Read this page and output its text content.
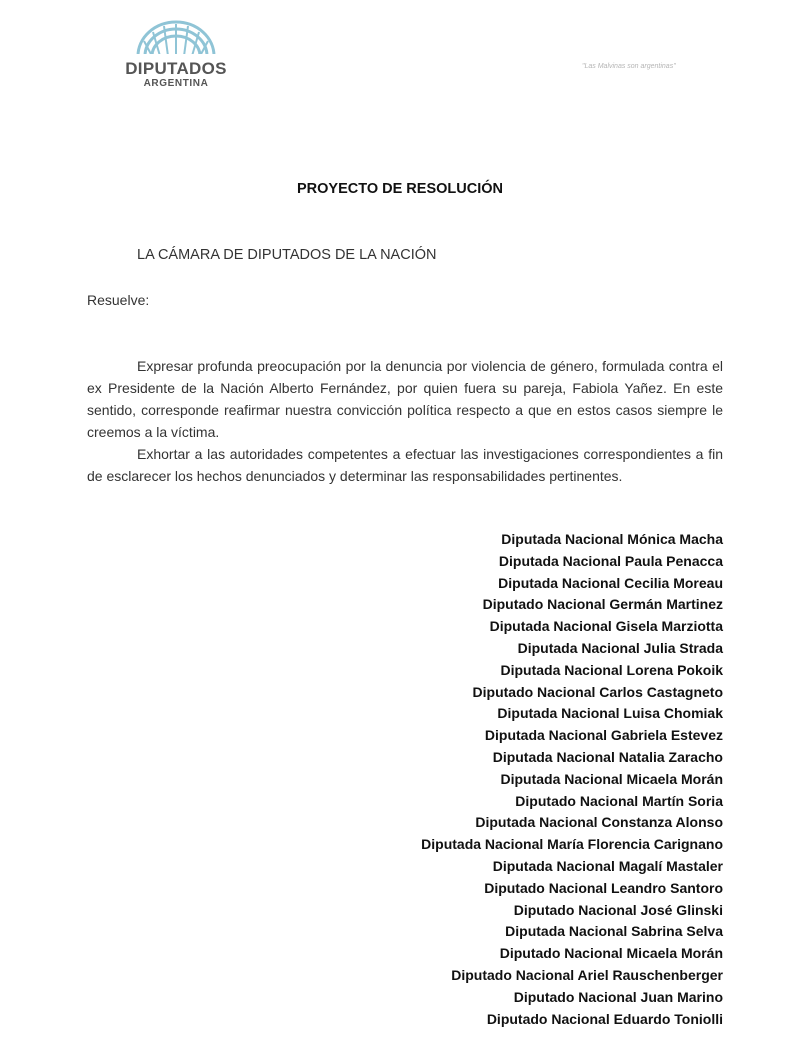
DIPUTADOS
ARGENTINA
"Las Malvinas son argentinas"
PROYECTO DE RESOLUCIÓN
LA CÁMARA DE DIPUTADOS DE LA NACIÓN
Resuelve:

Expresar profunda preocupación por la denuncia por violencia de género, formulada contra el ex Presidente de la Nación Alberto Fernández, por quien fuera su pareja, Fabiola Yañez. En este sentido, corresponde reafirmar nuestra convicción política respecto a que en estos casos siempre le creemos a la víctima.

Exhortar a las autoridades competentes a efectuar las investigaciones correspondientes a fin de esclarecer los hechos denunciados y determinar las responsabilidades pertinentes.

Diputada Nacional Mónica Macha
Diputada Nacional Paula Penacca
Diputada Nacional Cecilia Moreau
Diputado Nacional Germán Martinez
Diputada Nacional Gisela Marziotta
Diputada Nacional Julia Strada
Diputada Nacional Lorena Pokoik
Diputado Nacional Carlos Castagneto
Diputada Nacional Luisa Chomiak
Diputada Nacional Gabriela Estevez
Diputada Nacional Natalia Zaracho
Diputada Nacional Micaela Morán
Diputado Nacional Martín Soria
Diputada Nacional Constanza Alonso
Diputada Nacional María Florencia Carignano
Diputada Nacional Magalí Mastaler
Diputado Nacional Leandro Santoro
Diputado Nacional José Glinski
Diputada Nacional Sabrina Selva
Diputado Nacional Micaela Morán
Diputado Nacional Ariel Rauschenberger
Diputado Nacional Juan Marino
Diputado Nacional Eduardo Toniolli
